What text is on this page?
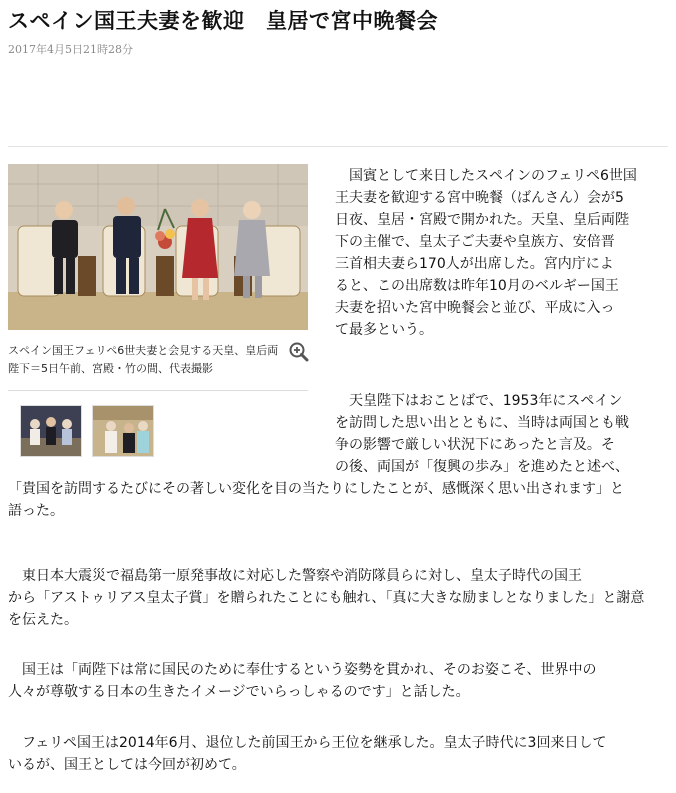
スペイン国王夫妻を歓迎　皇居で宮中晩餐会
2017年4月5日21時28分
スペイン国王フェリペ6世夫妻と会見する天皇、皇后両
陛下＝5日午前、宮殿・竹の間、代表撮影
国賓として来日したスペインのフェリペ6世国
王夫妻を歓迎する宮中晩餐（ばんさん）会が5
日夜、皇居・宮殿で開かれた。天皇、皇后両陛
下の主催で、皇太子ご夫妻や皇族方、安倍晋
三首相夫妻ら170人が出席した。宮内庁によ
ると、この出席数は昨年10月のベルギー国王
夫妻を招いた宮中晩餐会と並び、平成に入っ
て最多という。
天皇陛下はおことばで、1953年にスペイン
を訪問した思い出とともに、当時は両国とも戦
争の影響で厳しい状況下にあったと言及。そ
の後、両国が「復興の歩み」を進めたと述べ、
「貴国を訪問するたびにその著しい変化を目の当たりにしたことが、感慨深く思い出されます」と
語った。
東日本大震災で福島第一原発事故に対応した警察や消防隊員らに対し、皇太子時代の国王
から「アストゥリアス皇太子賞」を贈られたことにも触れ、「真に大きな励ましとなりました」と謝意
を伝えた。
国王は「両陛下は常に国民のために奉仕するという姿勢を貫かれ、そのお姿こそ、世界中の
人々が尊敬する日本の生きたイメージでいらっしゃるのです」と話した。
フェリペ国王は2014年6月、退位した前国王から王位を継承した。皇太子時代に3回来日して
いるが、国王としては今回が初めて。
